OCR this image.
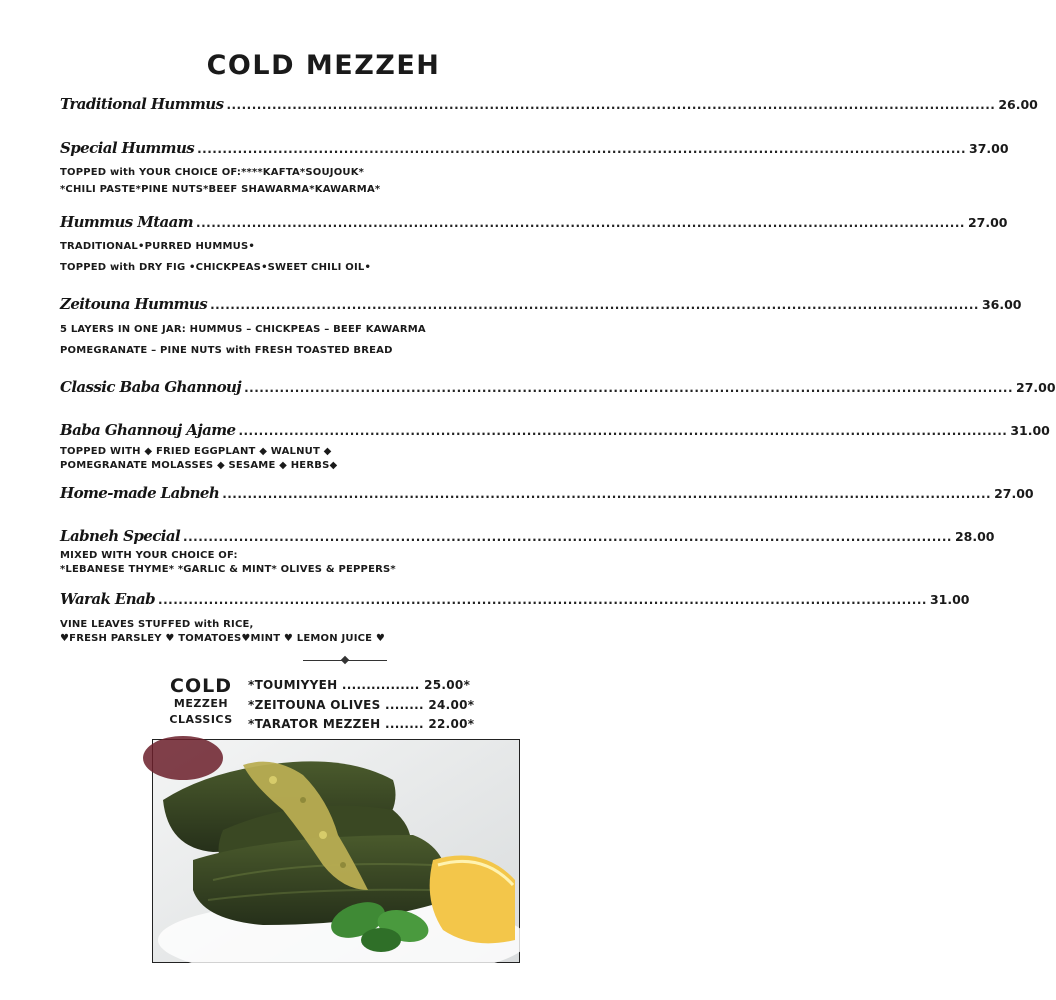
COLD MEZZEH
Traditional Hummus ........................................................................................................................................................ 26.00
Special Hummus ........................................................................................................................................................ 37.00
TOPPED with YOUR CHOICE OF:****KAFTA*SOUJOUK*
*CHILI PASTE*PINE NUTS*BEEF SHAWARMA*KAWARMA*
Hummus Mtaam ........................................................................................................................................................ 27.00
TRADITIONAL•PURRED HUMMUS•
TOPPED with DRY FIG •CHICKPEAS•SWEET CHILI OIL•
Zeitouna Hummus ........................................................................................................................................................ 36.00
5 LAYERS IN ONE JAR: HUMMUS – CHICKPEAS – BEEF KAWARMA
POMEGRANATE – PINE NUTS with FRESH TOASTED BREAD
Classic Baba Ghannouj ........................................................................................................................................................ 27.00
Baba Ghannouj Ajame ........................................................................................................................................................ 31.00
TOPPED WITH ◆ FRIED EGGPLANT ◆ WALNUT ◆
POMEGRANATE MOLASSES ◆ SESAME ◆ HERBS◆
Home-made Labneh ........................................................................................................................................................ 27.00
Labneh Special ........................................................................................................................................................ 28.00
MIXED WITH YOUR CHOICE OF:
*LEBANESE THYME* *GARLIC & MINT* OLIVES & PEPPERS*
Warak Enab ........................................................................................................................................................ 31.00
VINE LEAVES STUFFED with RICE,
♥FRESH PARSLEY ♥ TOMATOES♥MINT ♥ LEMON JUICE ♥
COLD
MEZZEH
CLASSICS
*TOUMIYYEH ................ 25.00*
*ZEITOUNA OLIVES ........ 24.00*
*TARATOR MEZZEH ........ 22.00*
